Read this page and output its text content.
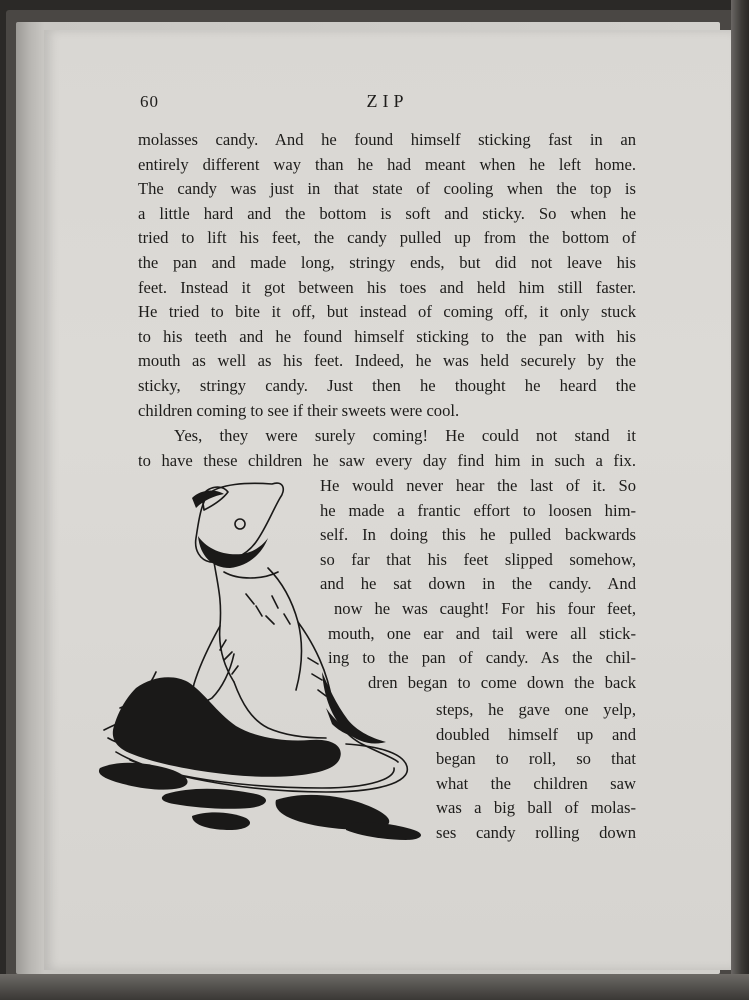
60	ZIP
molasses candy. And he found himself sticking fast in an
entirely different way than he had meant when he left home.
The candy was just in that state of cooling when the top is
a little hard and the bottom is soft and sticky. So when he
tried to lift his feet, the candy pulled up from the bottom of
the pan and made long, stringy ends, but did not leave his
feet. Instead it got between his toes and held him still faster.
He tried to bite it off, but instead of coming off, it only stuck
to his teeth and he found himself sticking to the pan with his
mouth as well as his feet. Indeed, he was held securely by the
sticky, stringy candy. Just then he thought he heard the
children coming to see if their sweets were cool.
Yes, they were surely coming! He could not stand it
to have these children he saw every day find him in such a fix.
He would never hear the last of it. So
he made a frantic effort to loosen him-
self. In doing this he pulled backwards
so far that his feet slipped somehow,
and he sat down in the candy. And
now he was caught! For his four feet,
mouth, one ear and tail were all stick-
ing to the pan of candy. As the chil-
dren began to come down the back
steps, he gave one yelp,
doubled himself up and
began to roll, so that
what the children saw
was a big ball of molas-
ses candy rolling down
